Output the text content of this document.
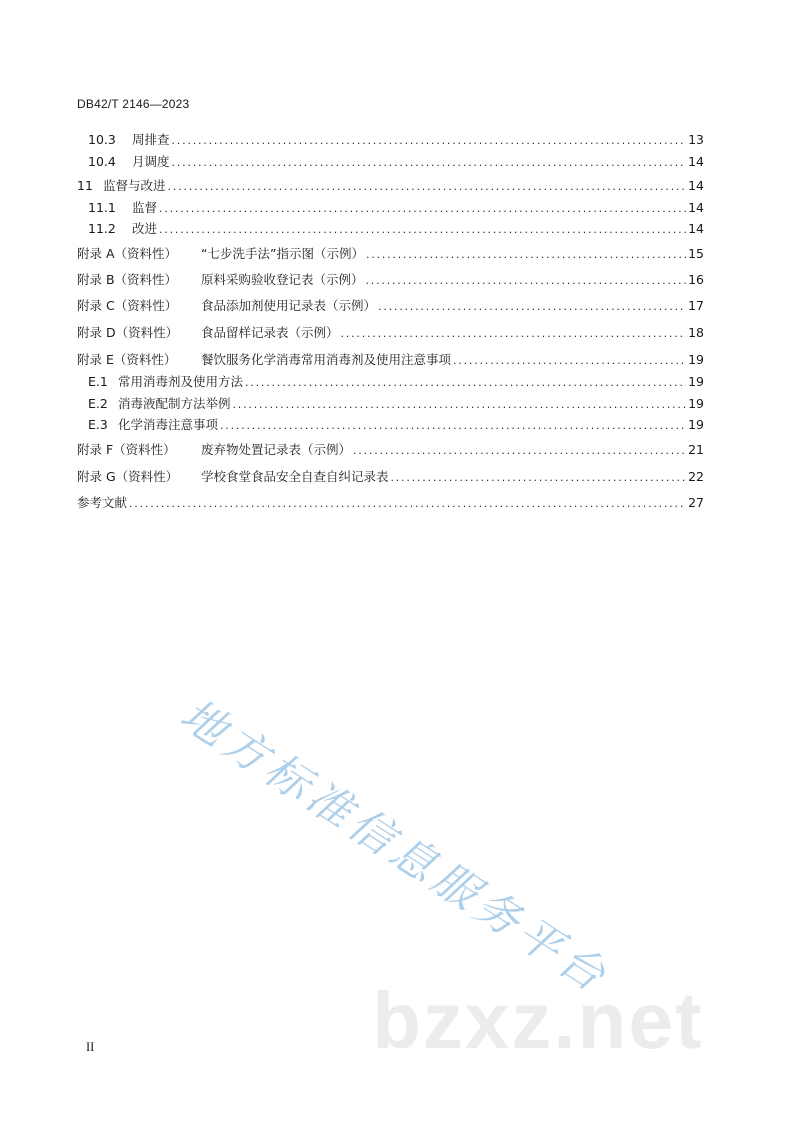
DB42/T 2146—2023
10.3	周排查 .....	13
10.4	月调度 .....	14
11 监督与改进 .....	14
11.1	监督 .....	14
11.2	改进 .....	14
附录 A（资料性）	“七步洗手法”指示图（示例） .....	15
附录 B（资料性）	原料采购验收登记表（示例） .....	16
附录 C（资料性）	食品添加剂使用记录表（示例） .....	17
附录 D（资料性）	食品留样记录表（示例） .....	18
附录 E（资料性）	餐饮服务化学消毒常用消毒剂及使用注意事项 .....	19
E.1 常用消毒剂及使用方法 .....	19
E.2 消毒液配制方法举例 .....	19
E.3 化学消毒注意事项 .....	19
附录 F（资料性）	废弃物处置记录表（示例） .....	21
附录 G（资料性）	学校食堂食品安全自查自纠记录表 .....	22
参考文献 .....	27
地方标准信息服务平台
bzxz.net
II
